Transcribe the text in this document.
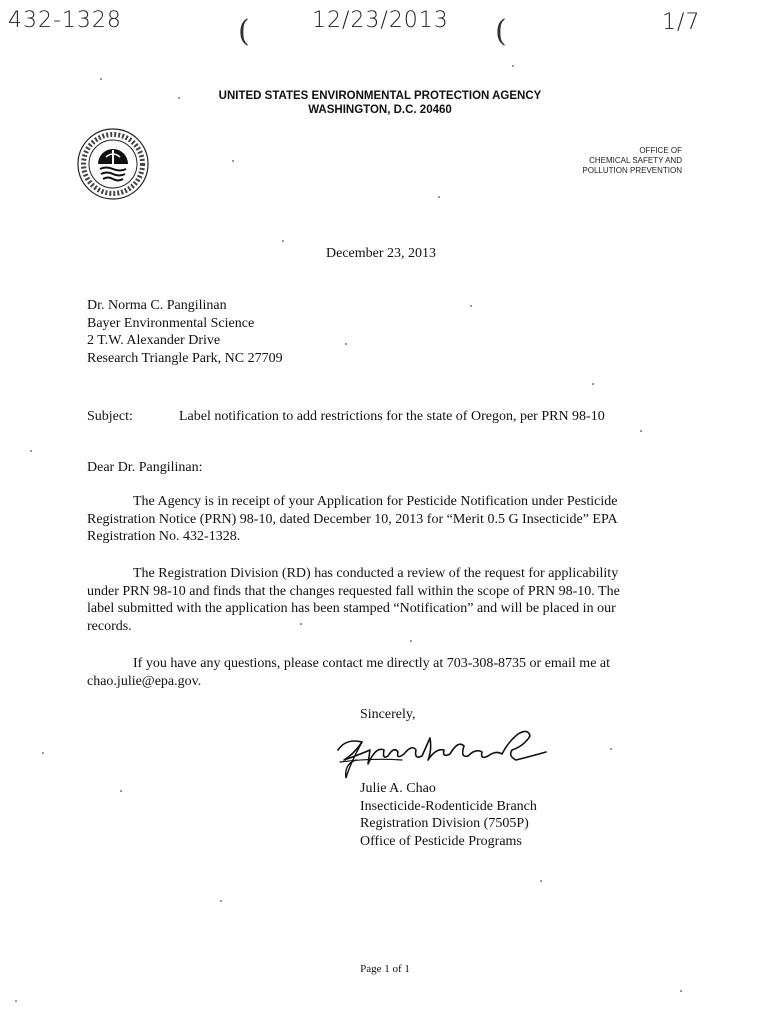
432-1328	(	12/23/2013 (	1/7
UNITED STATES ENVIRONMENTAL PROTECTION AGENCY
WASHINGTON, D.C. 20460
OFFICE OF
CHEMICAL SAFETY AND
POLLUTION PREVENTION
December 23, 2013
Dr. Norma C. Pangilinan
Bayer Environmental Science
2 T.W. Alexander Drive
Research Triangle Park, NC 27709
Subject:	Label notification to add restrictions for the state of Oregon, per PRN 98-10
Dear Dr. Pangilinan:
The Agency is in receipt of your Application for Pesticide Notification under Pesticide
Registration Notice (PRN) 98-10, dated December 10, 2013 for “Merit 0.5 G Insecticide” EPA
Registration No. 432-1328.
The Registration Division (RD) has conducted a review of the request for applicability
under PRN 98-10 and finds that the changes requested fall within the scope of PRN 98-10. The
label submitted with the application has been stamped “Notification” and will be placed in our
records.
If you have any questions, please contact me directly at 703-308-8735 or email me at
chao.julie@epa.gov.
Sincerely,
Julie A. Chao
Insecticide-Rodenticide Branch
Registration Division (7505P)
Office of Pesticide Programs
Page 1 of 1
